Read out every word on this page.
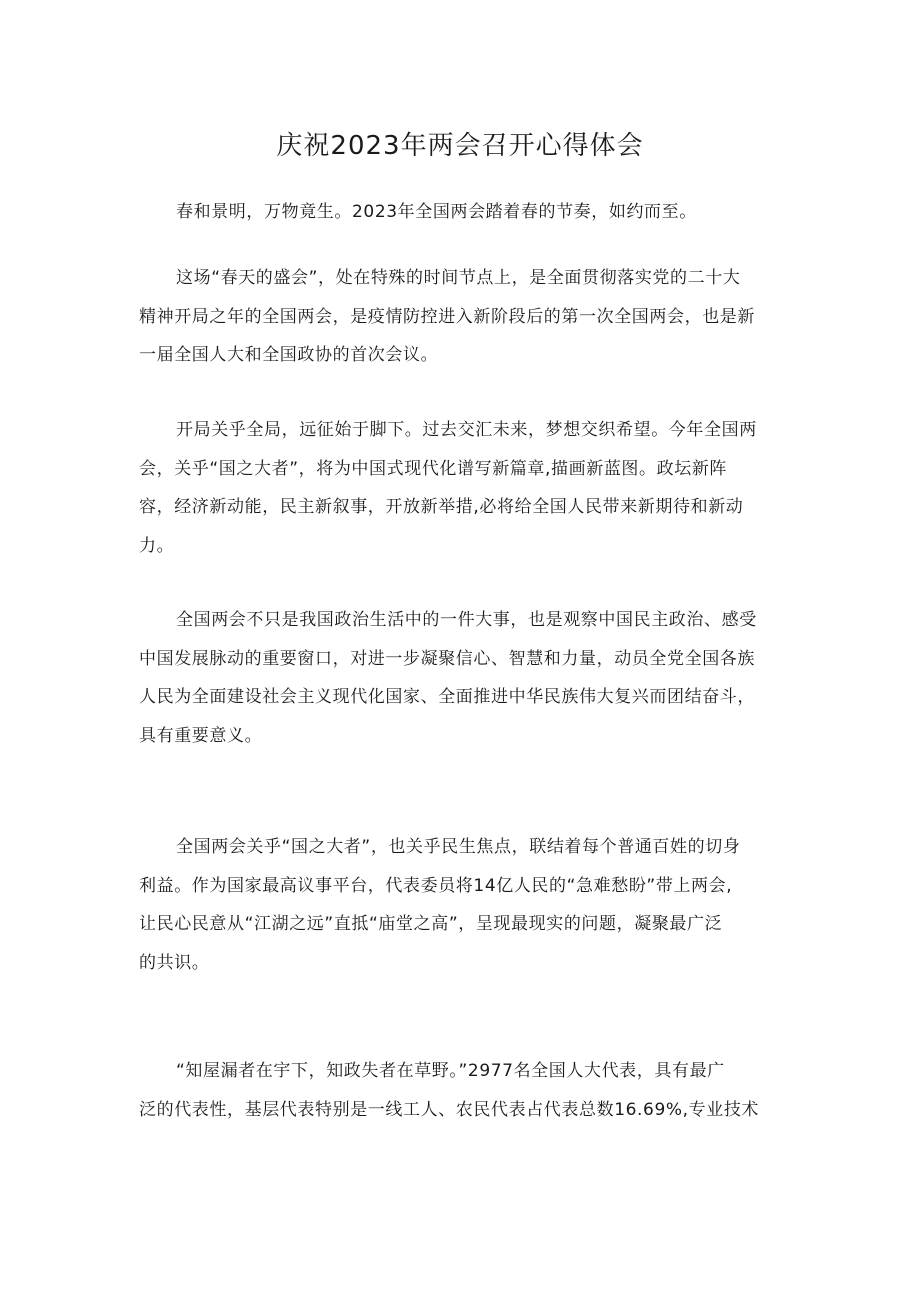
庆祝2023年两会召开心得体会

春和景明，万物竟生。2023年全国两会踏着春的节奏，如约而至。

这场“春天的盛会”，处在特殊的时间节点上，是全面贯彻落实党的二十大
精神开局之年的全国两会，是疫情防控进入新阶段后的第一次全国两会，也是新
一届全国人大和全国政协的首次会议。

开局关乎全局，远征始于脚下。过去交汇未来，梦想交织希望。今年全国两
会，关乎“国之大者”，将为中国式现代化谱写新篇章,描画新蓝图。政坛新阵
容，经济新动能，民主新叙事，开放新举措,必将给全国人民带来新期待和新动
力。

全国两会不只是我国政治生活中的一件大事，也是观察中国民主政治、感受
中国发展脉动的重要窗口，对进一步凝聚信心、智慧和力量，动员全党全国各族
人民为全面建设社会主义现代化国家、全面推进中华民族伟大复兴而团结奋斗，
具有重要意义。

全国两会关乎“国之大者”，也关乎民生焦点，联结着每个普通百姓的切身
利益。作为国家最高议事平台，代表委员将14亿人民的“急难愁盼”带上两会,
让民心民意从“江湖之远”直抵“庙堂之高”，呈现最现实的问题，凝聚最广泛
的共识。

“知屋漏者在宇下，知政失者在草野。”2977名全国人大代表，具有最广
泛的代表性，基层代表特别是一线工人、农民代表占代表总数16.69%,专业技术
